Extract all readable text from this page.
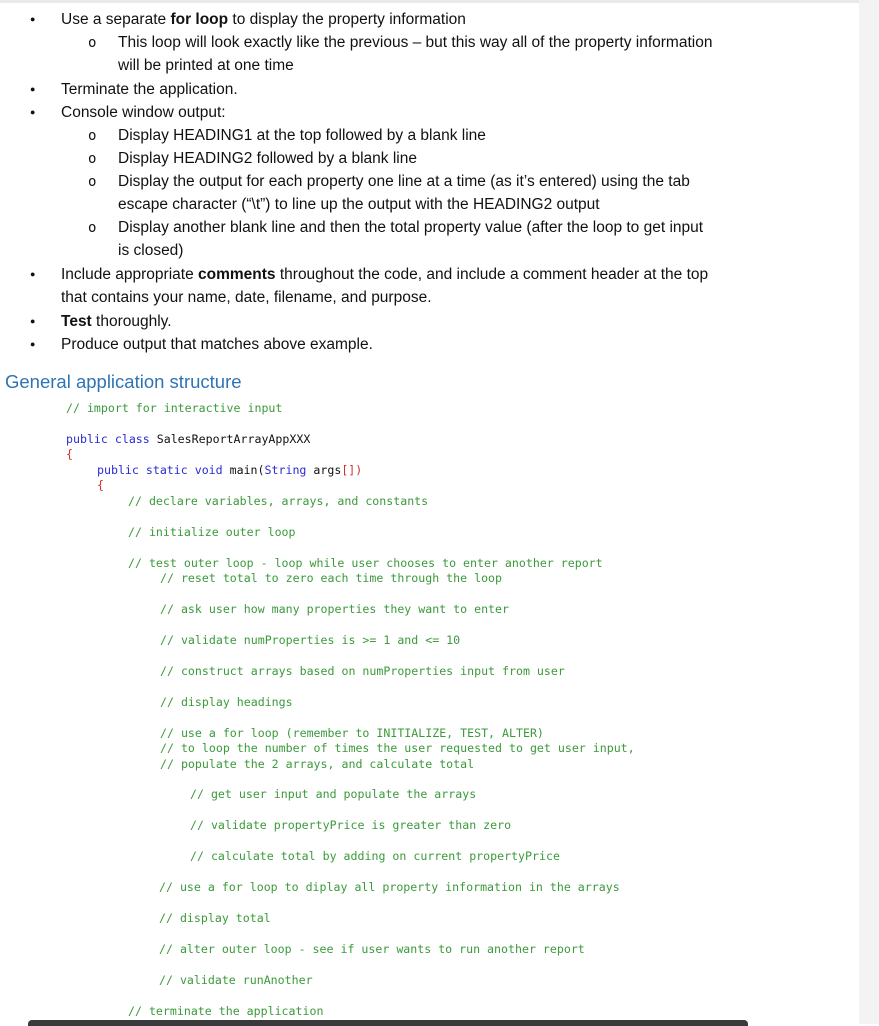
●
Use a separate for loop to display the property information
o
This loop will look exactly like the previous – but this way all of the property information
will be printed at one time
●
Terminate the application.
●
Console window output:
o
Display HEADING1 at the top followed by a blank line
o
Display HEADING2 followed by a blank line
o
Display the output for each property one line at a time (as it’s entered) using the tab
escape character (“\t”) to line up the output with the HEADING2 output
o
Display another blank line and then the total property value (after the loop to get input
is closed)
●
Include appropriate comments throughout the code, and include a comment header at the top
that contains your name, date, filename, and purpose.
●
Test thoroughly.
●
Produce output that matches above example.
General application structure
// import for interactive input
public class SalesReportArrayAppXXX
{
public static void main(String args[])
{
// declare variables, arrays, and constants
// initialize outer loop
// test outer loop - loop while user chooses to enter another report
// reset total to zero each time through the loop
// ask user how many properties they want to enter
// validate numProperties is >= 1 and <= 10
// construct arrays based on numProperties input from user
// display headings
// use a for loop (remember to INITIALIZE, TEST, ALTER)
// to loop the number of times the user requested to get user input,
// populate the 2 arrays, and calculate total
// get user input and populate the arrays
// validate propertyPrice is greater than zero
// calculate total by adding on current propertyPrice
// use a for loop to diplay all property information in the arrays
// display total
// alter outer loop - see if user wants to run another report
// validate runAnother
// terminate the application
